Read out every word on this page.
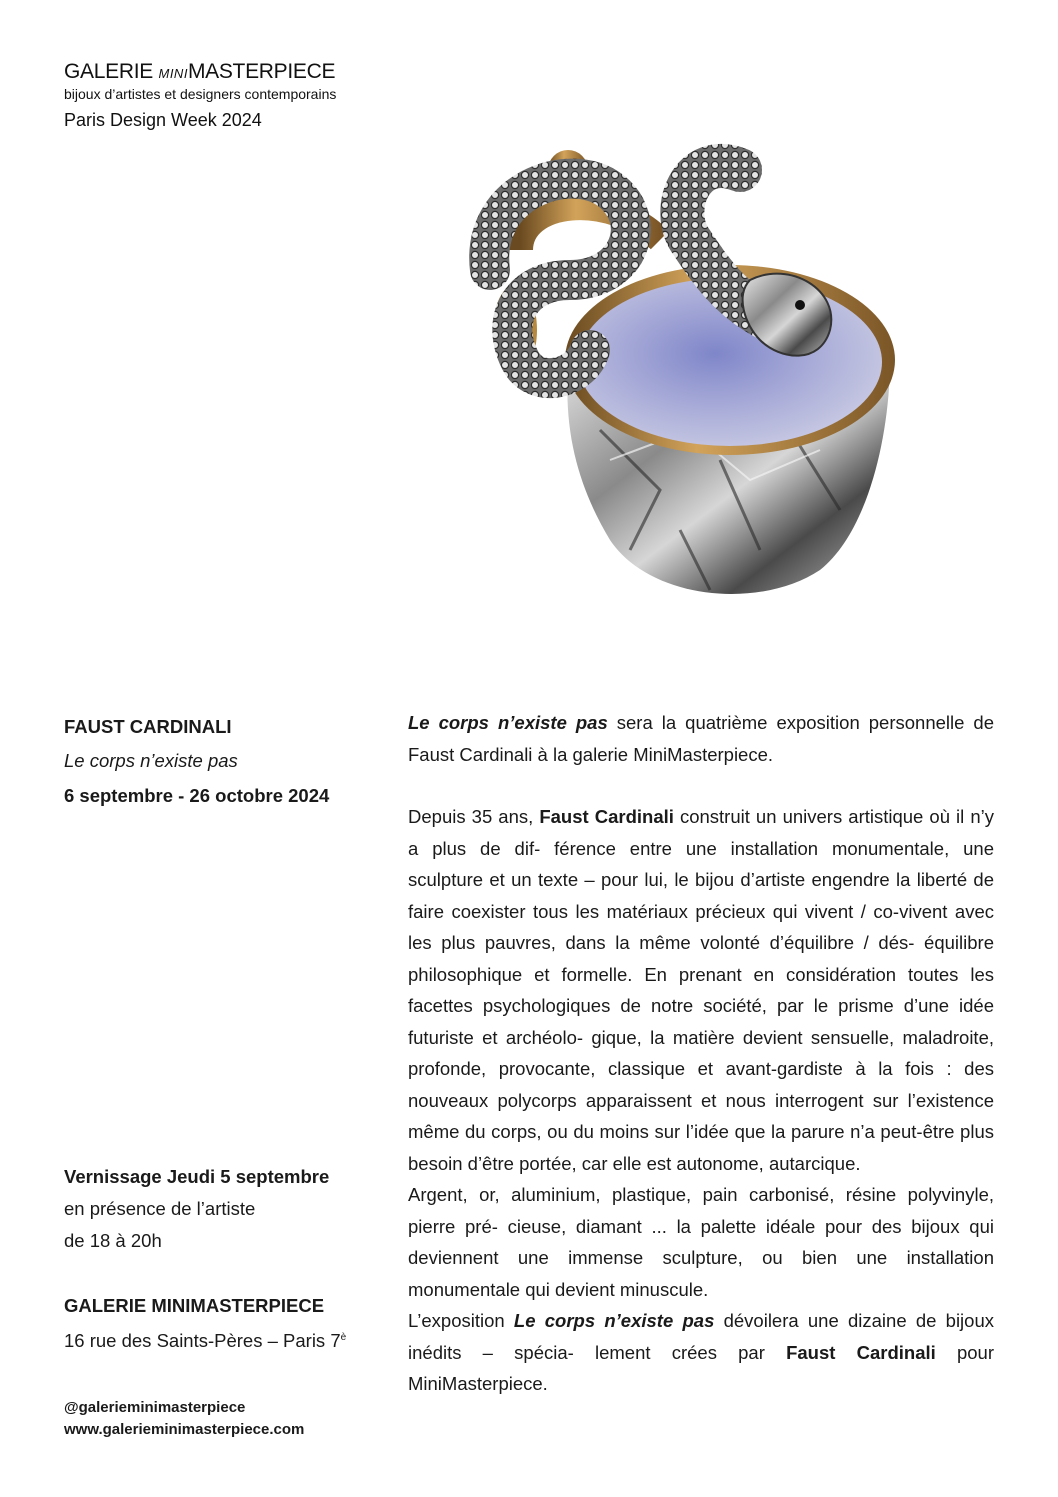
GALERIE MINIMASTERPIECE
bijoux d’artistes et designers contemporains
Paris Design Week 2024
FAUST CARDINALI
Le corps n’existe pas
6 septembre - 26 octobre 2024
Vernissage Jeudi 5 septembre
en présence de l’artiste
de 18 à 20h
GALERIE MINIMASTERPIECE
16 rue des Saints-Pères – Paris $7^è$
@galerieminimasterpiece
www.galerieminimasterpiece.com

Le corps n’existe pas sera la quatrième exposition personnelle de Faust Cardinali à la galerie MiniMasterpiece.

Depuis 35 ans, Faust Cardinali construit un univers artistique où il n’y a plus de dif- férence entre une installation monumentale, une sculpture et un texte – pour lui, le bijou d’artiste engendre la liberté de faire coexister tous les matériaux précieux qui vivent / co-vivent avec les plus pauvres, dans la même volonté d’équilibre / dés- équilibre philosophique et formelle. En prenant en considération toutes les facettes psychologiques de notre société, par le prisme d’une idée futuriste et archéolo- gique, la matière devient sensuelle, maladroite, profonde, provocante, classique et avant-gardiste à la fois : des nouveaux polycorps apparaissent et nous interrogent sur l’existence même du corps, ou du moins sur l’idée que la parure n’a peut-être plus besoin d’être portée, car elle est autonome, autarcique.

Argent, or, aluminium, plastique, pain carbonisé, résine polyvinyle, pierre pré- cieuse, diamant ... la palette idéale pour des bijoux qui deviennent une immense sculpture, ou bien une installation monumentale qui devient minuscule.

L’exposition Le corps n’existe pas dévoilera une dizaine de bijoux inédits – spécia- lement crées par Faust Cardinali pour MiniMasterpiece.
